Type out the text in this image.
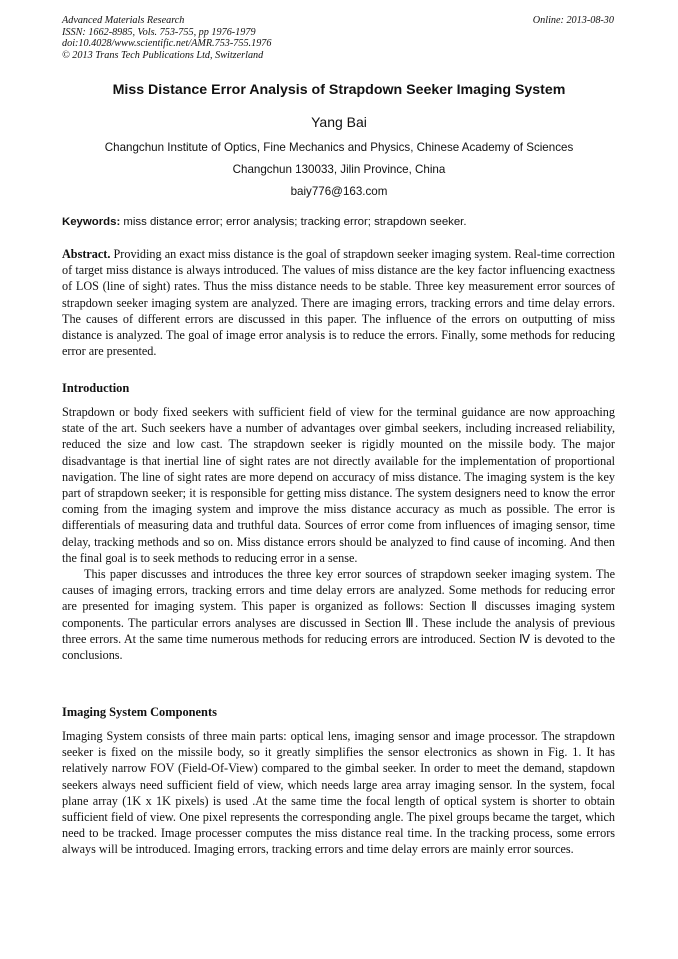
Advanced Materials Research
ISSN: 1662-8985, Vols. 753-755, pp 1976-1979
doi:10.4028/www.scientific.net/AMR.753-755.1976
© 2013 Trans Tech Publications Ltd, Switzerland
Online: 2013-08-30
Miss Distance Error Analysis of Strapdown Seeker Imaging System
Yang Bai
Changchun Institute of Optics, Fine Mechanics and Physics, Chinese Academy of Sciences
Changchun 130033, Jilin Province, China
baiy776@163.com
Keywords: miss distance error; error analysis; tracking error; strapdown seeker.
Abstract. Providing an exact miss distance is the goal of strapdown seeker imaging system. Real-time correction of target miss distance is always introduced. The values of miss distance are the key factor influencing exactness of LOS (line of sight) rates. Thus the miss distance needs to be stable. Three key measurement error sources of strapdown seeker imaging system are analyzed. There are imaging errors, tracking errors and time delay errors. The causes of different errors are discussed in this paper. The influence of the errors on outputting of miss distance is analyzed. The goal of image error analysis is to reduce the errors. Finally, some methods for reducing error are presented.
Introduction

Strapdown or body fixed seekers with sufficient field of view for the terminal guidance are now approaching state of the art. Such seekers have a number of advantages over gimbal seekers, including increased reliability, reduced the size and low cast. The strapdown seeker is rigidly mounted on the missile body. The major disadvantage is that inertial line of sight rates are not directly available for the implementation of proportional navigation. The line of sight rates are more depend on accuracy of miss distance. The imaging system is the key part of strapdown seeker; it is responsible for getting miss distance. The system designers need to know the error coming from the imaging system and improve the miss distance accuracy as much as possible. The error is differentials of measuring data and truthful data. Sources of error come from influences of imaging sensor, time delay, tracking methods and so on. Miss distance errors should be analyzed to find cause of incoming. And then the final goal is to seek methods to reducing error in a sense.

This paper discusses and introduces the three key error sources of strapdown seeker imaging system. The causes of imaging errors, tracking errors and time delay errors are analyzed. Some methods for reducing error are presented for imaging system. This paper is organized as follows: Section Ⅱ discusses imaging system components. The particular errors analyses are discussed in Section Ⅲ. These include the analysis of previous three errors. At the same time numerous methods for reducing errors are introduced. Section Ⅳ is devoted to the conclusions.

Imaging System Components

Imaging System consists of three main parts: optical lens, imaging sensor and image processor. The strapdown seeker is fixed on the missile body, so it greatly simplifies the sensor electronics as shown in Fig. 1. It has relatively narrow FOV (Field-Of-View) compared to the gimbal seeker. In order to meet the demand, stapdown seekers always need sufficient field of view, which needs large area array imaging sensor. In the system, focal plane array (1K x 1K pixels) is used .At the same time the focal length of optical system is shorter to obtain sufficient field of view. One pixel represents the corresponding angle. The pixel groups became the target, which need to be tracked. Image processer computes the miss distance real time. In the tracking process, some errors always will be introduced. Imaging errors, tracking errors and time delay errors are mainly error sources.
